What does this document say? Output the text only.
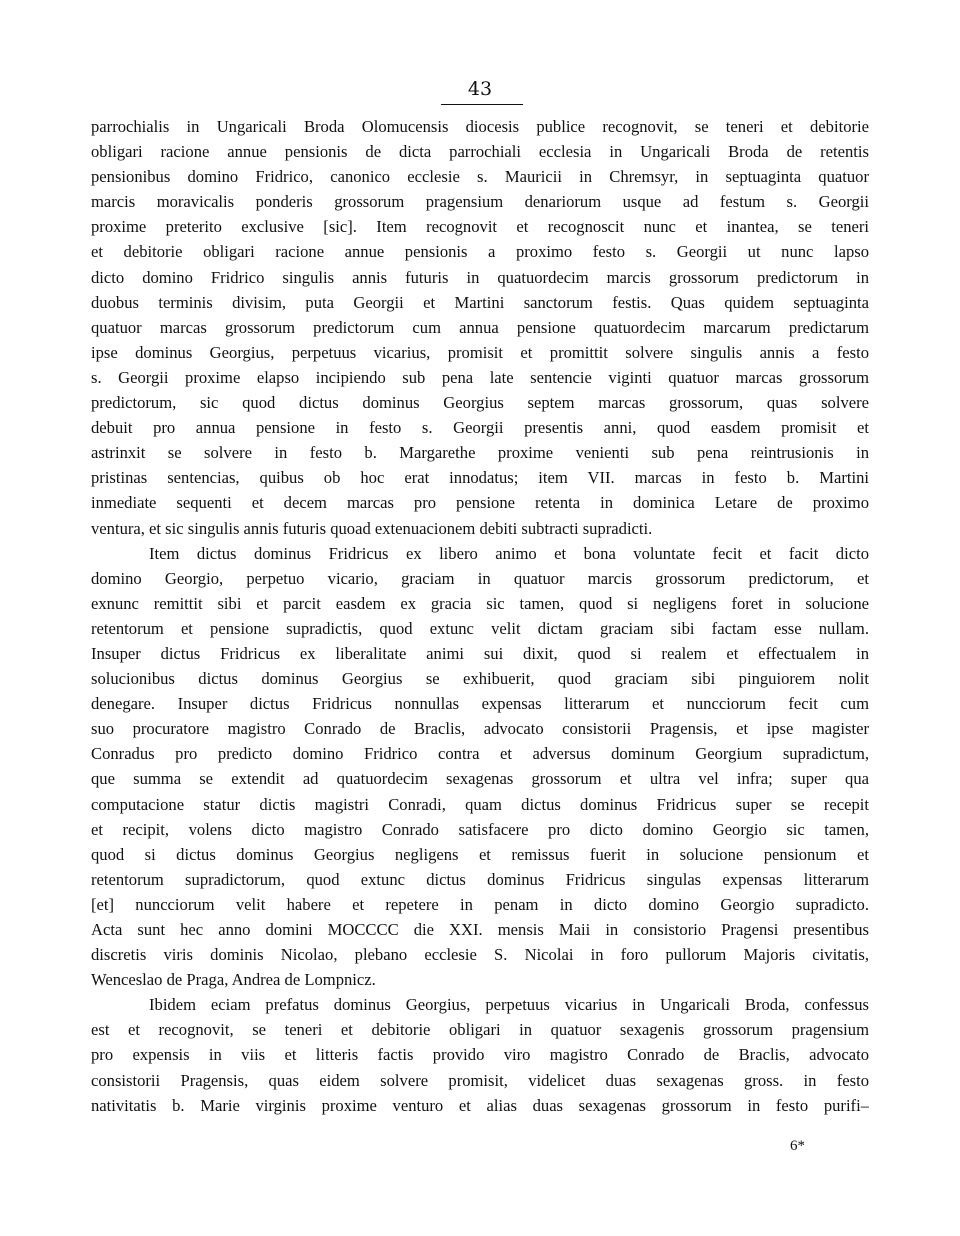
43
parrochialis in Ungaricali Broda Olomucensis diocesis publice recognovit, se teneri et debitorie
obligari racione annue pensionis de dicta parrochiali ecclesia in Ungaricali Broda de retentis
pensionibus domino Fridrico, canonico ecclesie s. Mauricii in Chremsyr, in septuaginta quatuor
marcis moravicalis ponderis grossorum pragensium denariorum usque ad festum s. Georgii
proxime preterito exclusive [sic]. Item recognovit et recognoscit nunc et inantea, se teneri
et debitorie obligari racione annue pensionis a proximo festo s. Georgii ut nunc lapso
dicto domino Fridrico singulis annis futuris in quatuordecim marcis grossorum predictorum in
duobus terminis divisim, puta Georgii et Martini sanctorum festis. Quas quidem septuaginta
quatuor marcas grossorum predictorum cum annua pensione quatuordecim marcarum predictarum
ipse dominus Georgius, perpetuus vicarius, promisit et promittit solvere singulis annis a festo
s. Georgii proxime elapso incipiendo sub pena late sentencie viginti quatuor marcas grossorum
predictorum, sic quod dictus dominus Georgius septem marcas grossorum, quas solvere
debuit pro annua pensione in festo s. Georgii presentis anni, quod easdem promisit et
astrinxit se solvere in festo b. Margarethe proxime venienti sub pena reintrusionis in
pristinas sentencias, quibus ob hoc erat innodatus; item VII. marcas in festo b. Martini
inmediate sequenti et decem marcas pro pensione retenta in dominica Letare de proximo
ventura, et sic singulis annis futuris quoad extenuacionem debiti subtracti supradicti.
Item dictus dominus Fridricus ex libero animo et bona voluntate fecit et facit dicto
domino Georgio, perpetuo vicario, graciam in quatuor marcis grossorum predictorum, et
exnunc remittit sibi et parcit easdem ex gracia sic tamen, quod si negligens foret in solucione
retentorum et pensione supradictis, quod extunc velit dictam graciam sibi factam esse nullam.
Insuper dictus Fridricus ex liberalitate animi sui dixit, quod si realem et effectualem in
solucionibus dictus dominus Georgius se exhibuerit, quod graciam sibi pinguiorem nolit
denegare. Insuper dictus Fridricus nonnullas expensas litterarum et nuncciorum fecit cum
suo procuratore magistro Conrado de Braclis, advocato consistorii Pragensis, et ipse magister
Conradus pro predicto domino Fridrico contra et adversus dominum Georgium supradictum,
que summa se extendit ad quatuordecim sexagenas grossorum et ultra vel infra; super qua
computacione statur dictis magistri Conradi, quam dictus dominus Fridricus super se recepit
et recipit, volens dicto magistro Conrado satisfacere pro dicto domino Georgio sic tamen,
quod si dictus dominus Georgius negligens et remissus fuerit in solucione pensionum et
retentorum supradictorum, quod extunc dictus dominus Fridricus singulas expensas litterarum
[et] nuncciorum velit habere et repetere in penam in dicto domino Georgio supradicto.
Acta sunt hec anno domini MOCCCC die XXI. mensis Maii in consistorio Pragensi presentibus
discretis viris dominis Nicolao, plebano ecclesie S. Nicolai in foro pullorum Majoris civitatis,
Wenceslao de Praga, Andrea de Lompnicz.
Ibidem eciam prefatus dominus Georgius, perpetuus vicarius in Ungaricali Broda, confessus
est et recognovit, se teneri et debitorie obligari in quatuor sexagenis grossorum pragensium
pro expensis in viis et litteris factis provido viro magistro Conrado de Braclis, advocato
consistorii Pragensis, quas eidem solvere promisit, videlicet duas sexagenas gross. in festo
nativitatis b. Marie virginis proxime venturo et alias duas sexagenas grossorum in festo purifi–
6*
